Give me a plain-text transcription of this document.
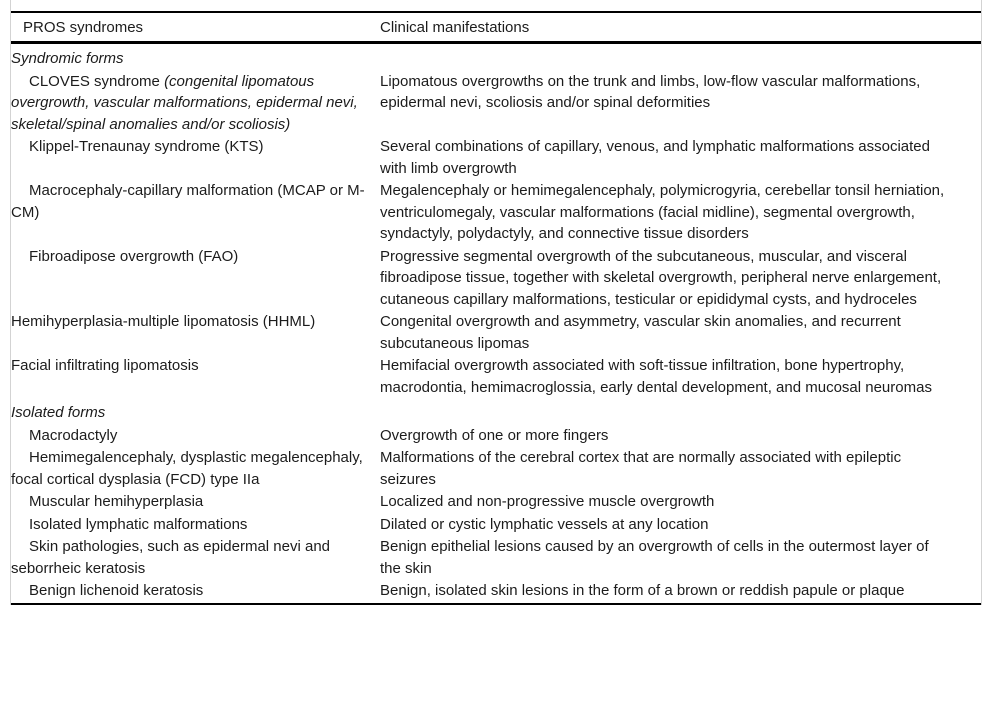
PROS syndromes	Clinical manifestations
Syndromic forms	
CLOVES syndrome (congenital lipomatous overgrowth, vascular malformations, epidermal nevi, skeletal/spinal anomalies and/or scoliosis)	Lipomatous overgrowths on the trunk and limbs, low-flow vascular malformations, epidermal nevi, scoliosis and/or spinal deformities
Klippel-Trenaunay syndrome (KTS)	Several combinations of capillary, venous, and lymphatic malformations associated with limb overgrowth
Macrocephaly-capillary malformation (MCAP or M-CM)	Megalencephaly or hemimegalencephaly, polymicrogyria, cerebellar tonsil herniation, ventriculomegaly, vascular malformations (facial midline), segmental overgrowth, syndactyly, polydactyly, and connective tissue disorders
Fibroadipose overgrowth (FAO)	Progressive segmental overgrowth of the subcutaneous, muscular, and visceral fibroadipose tissue, together with skeletal overgrowth, peripheral nerve enlargement, cutaneous capillary malformations, testicular or epididymal cysts, and hydroceles
Hemihyperplasia-multiple lipomatosis (HHML)	Congenital overgrowth and asymmetry, vascular skin anomalies, and recurrent subcutaneous lipomas
Facial infiltrating lipomatosis	Hemifacial overgrowth associated with soft-tissue infiltration, bone hypertrophy, macrodontia, hemimacroglossia, early dental development, and mucosal neuromas
Isolated forms	
Macrodactyly	Overgrowth of one or more fingers
Hemimegalencephaly, dysplastic megalencephaly, focal cortical dysplasia (FCD) type IIa	Malformations of the cerebral cortex that are normally associated with epileptic seizures
Muscular hemihyperplasia	Localized and non-progressive muscle overgrowth
Isolated lymphatic malformations	Dilated or cystic lymphatic vessels at any location
Skin pathologies, such as epidermal nevi and seborrheic keratosis	Benign epithelial lesions caused by an overgrowth of cells in the outermost layer of the skin
Benign lichenoid keratosis	Benign, isolated skin lesions in the form of a brown or reddish papule or plaque
